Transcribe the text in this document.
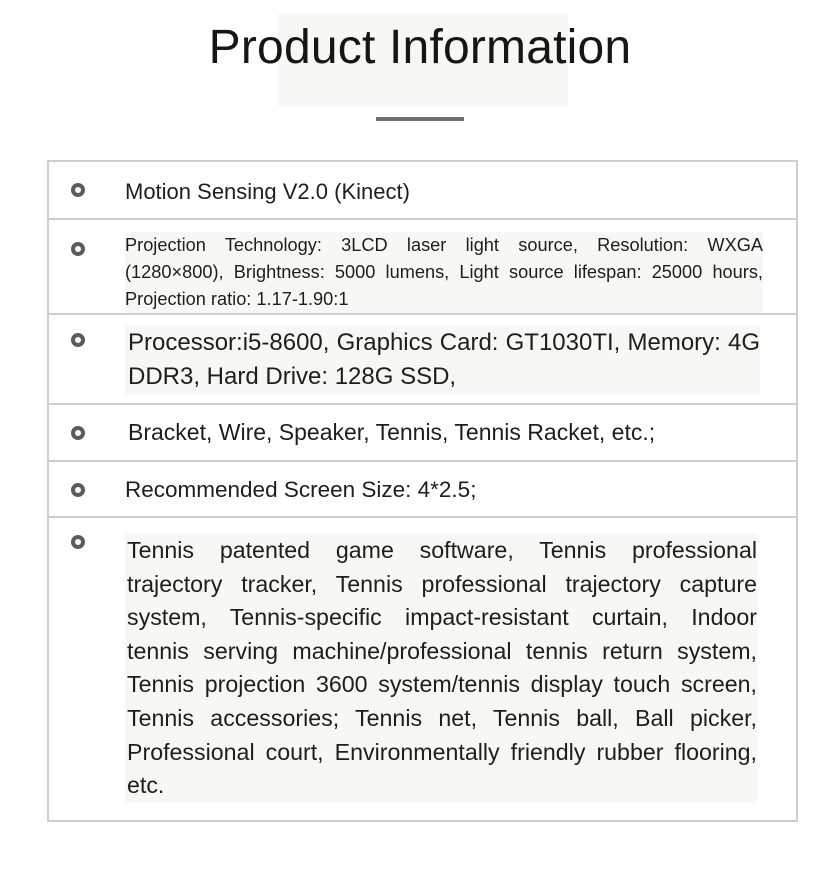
Product Information
Motion Sensing V2.0 (Kinect)
Projection Technology: 3LCD laser light source, Resolution: WXGA (1280×800), Brightness: 5000 lumens, Light source lifespan: 25000 hours, Projection ratio: 1.17-1.90:1
Processor:i5-8600, Graphics Card: GT1030TI, Memory: 4G DDR3, Hard Drive: 128G SSD,
Bracket, Wire, Speaker, Tennis, Tennis Racket, etc.;
Recommended Screen Size: 4*2.5;
Tennis patented game software, Tennis professional trajectory tracker, Tennis professional trajectory capture system, Tennis-specific impact-resistant curtain, Indoor tennis serving machine/professional tennis return system, Tennis projection 3600 system/tennis display touch screen, Tennis accessories; Tennis net, Tennis ball, Ball picker, Professional court, Environmentally friendly rubber flooring, etc.
